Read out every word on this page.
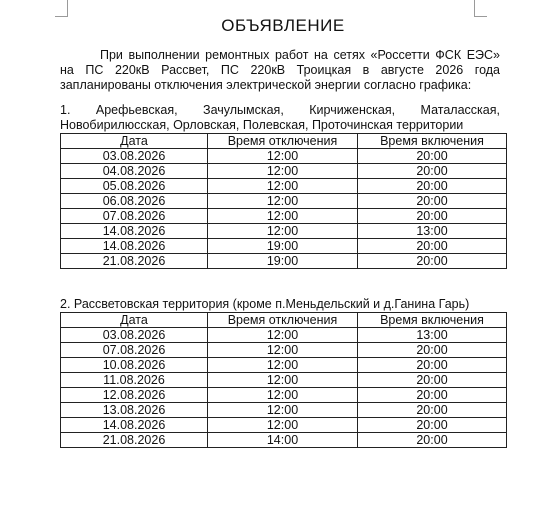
ОБЪЯВЛЕНИЕ
При выполнении ремонтных работ на сетях «Россетти ФСК ЕЭС» на ПС 220кВ Рассвет, ПС 220кВ Троицкая в августе 2026 года запланированы отключения электрической энергии согласно графика:
1. Арефьевская, Зачулымская, Кирчиженская, Маталасская, Новобирилюсская, Орловская, Полевская, Проточинская территории
Дата	Время отключения	Время включения
03.08.2026	12:00	20:00
04.08.2026	12:00	20:00
05.08.2026	12:00	20:00
06.08.2026	12:00	20:00
07.08.2026	12:00	20:00
14.08.2026	12:00	13:00
14.08.2026	19:00	20:00
21.08.2026	19:00	20:00
2. Рассветовская территория (кроме п.Меньдельский и д.Ганина Гарь)
Дата	Время отключения	Время включения
03.08.2026	12:00	13:00
07.08.2026	12:00	20:00
10.08.2026	12:00	20:00
11.08.2026	12:00	20:00
12.08.2026	12:00	20:00
13.08.2026	12:00	20:00
14.08.2026	12:00	20:00
21.08.2026	14:00	20:00
